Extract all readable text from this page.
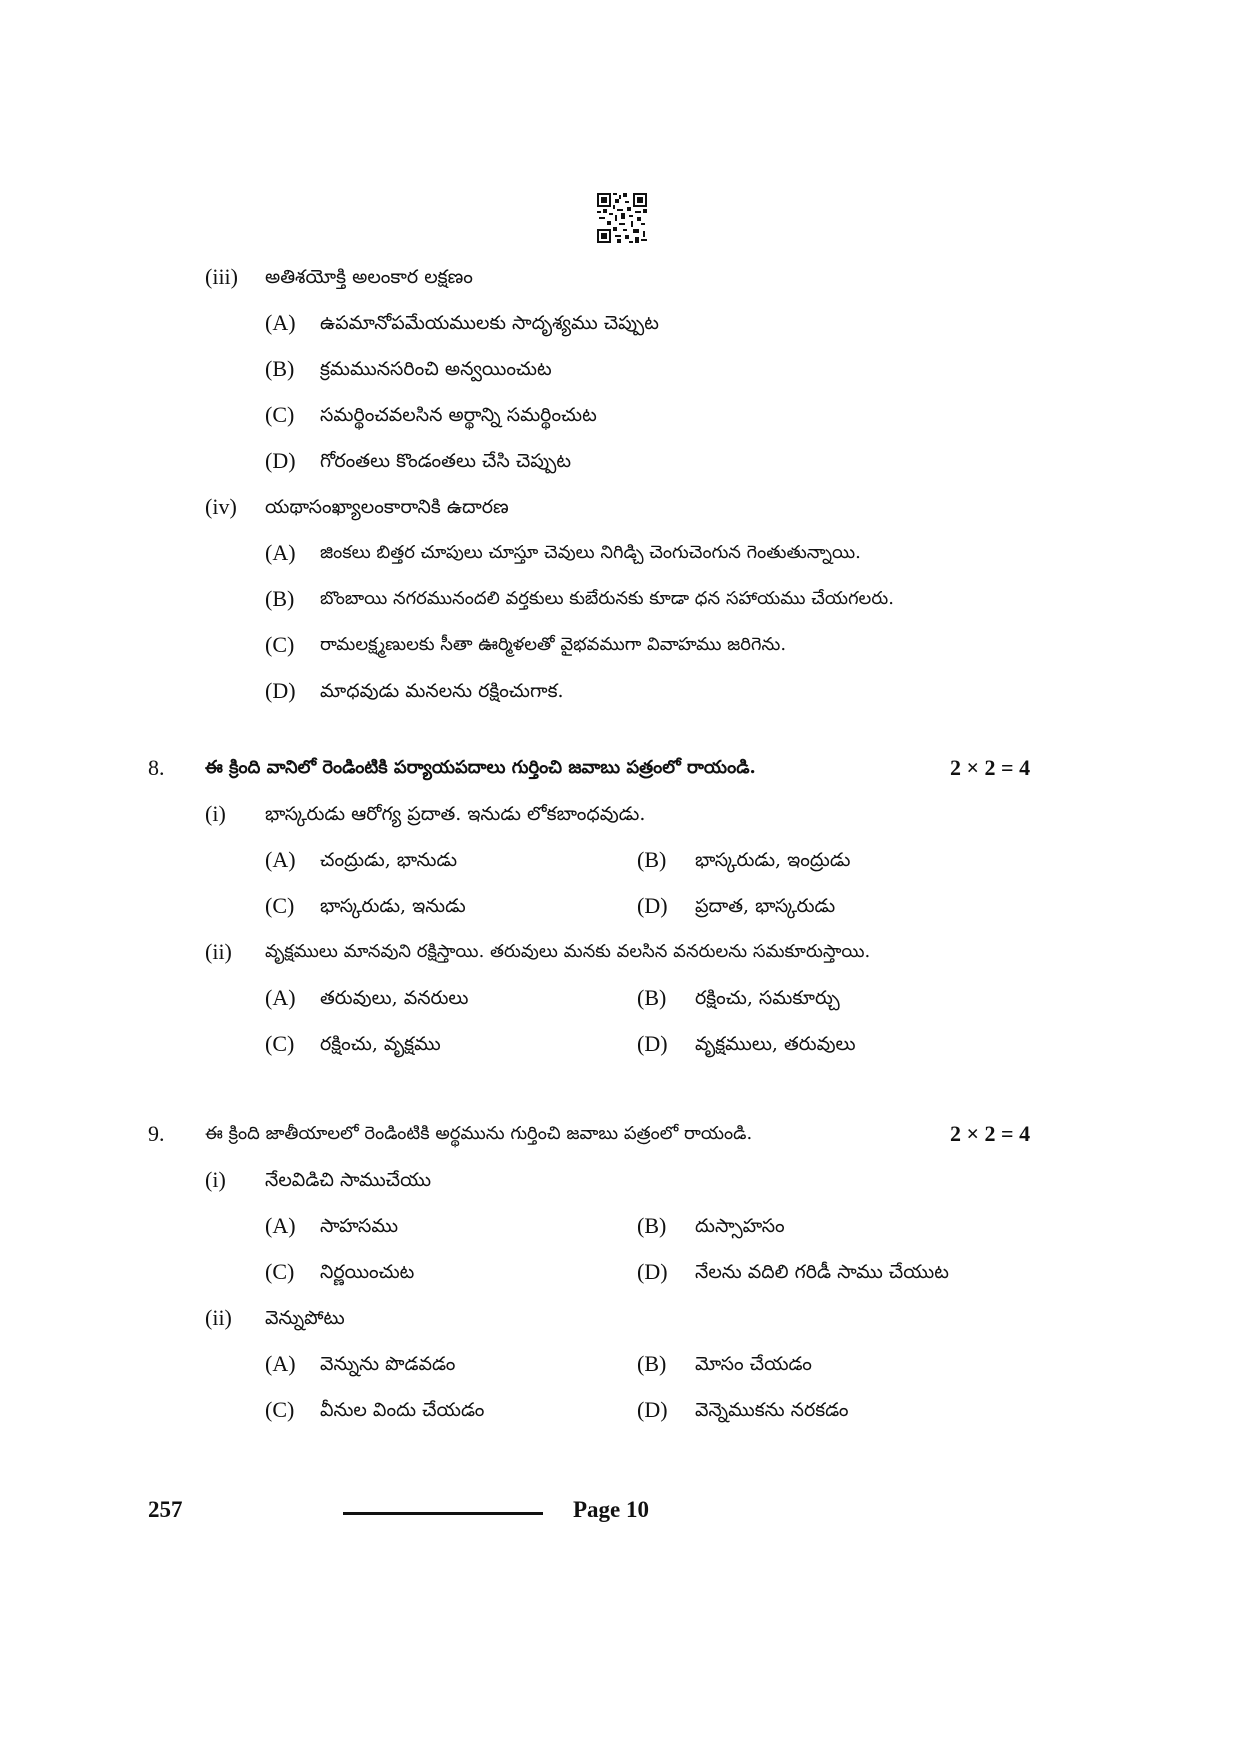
(iii) అతిశయోక్తి అలంకార లక్షణం
(A) ఉపమానోపమేయములకు సాదృశ్యము చెప్పుట
(B) క్రమమునసరించి అన్వయించుట
(C) సమర్థించవలసిన అర్థాన్ని సమర్థించుట
(D) గోరంతలు కొండంతలు చేసి చెప్పుట
(iv) యథాసంఖ్యాలంకారానికి ఉదారణ
(A) జింకలు బిత్తర చూపులు చూస్తూ చెవులు నిగిడ్చి చెంగుచెంగున గెంతుతున్నాయి.
(B) బొంబాయి నగరమునందలి వర్తకులు కుబేరునకు కూడా ధన సహాయము చేయగలరు.
(C) రామలక్ష్మణులకు సీతా ఊర్మిళలతో వైభవముగా వివాహము జరిగెను.
(D) మాధవుడు మనలను రక్షించుగాక.
8. ఈ క్రింది వానిలో రెండింటికి పర్యాయపదాలు గుర్తించి జవాబు పత్రంలో రాయండి.	2 × 2 = 4
(i) భాస్కరుడు ఆరోగ్య ప్రదాత. ఇనుడు లోకబాంధవుడు.
(A) చంద్రుడు, భానుడు	(B) భాస్కరుడు, ఇంద్రుడు
(C) భాస్కరుడు, ఇనుడు	(D) ప్రదాత, భాస్కరుడు
(ii) వృక్షములు మానవుని రక్షిస్తాయి. తరువులు మనకు వలసిన వనరులను సమకూరుస్తాయి.
(A) తరువులు, వనరులు	(B) రక్షించు, సమకూర్చు
(C) రక్షించు, వృక్షము	(D) వృక్షములు, తరువులు
9. ఈ క్రింది జాతీయాలలో రెండింటికి అర్థమును గుర్తించి జవాబు పత్రంలో రాయండి.	2 × 2 = 4
(i) నేలవిడిచి సాముచేయు
(A) సాహసము	(B) దుస్సాహసం
(C) నిర్ణయించుట	(D) నేలను వదిలి గరిడీ సాము చేయుట
(ii) వెన్నుపోటు
(A) వెన్నును పొడవడం	(B) మోసం చేయడం
(C) వీనుల విందు చేయడం	(D) వెన్నెముకను నరకడం
257	Page 10
